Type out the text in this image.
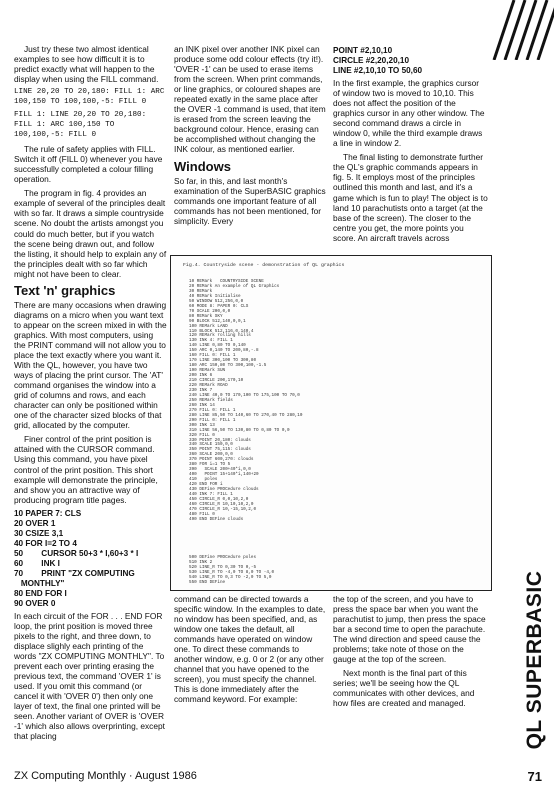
Just try these two almost identical examples to see how difficult it is to predict exactly what will happen to the display when using the FILL command.

LINE 20,20 TO 20,180: FILL 1: ARC 100,150 TO 100,100,-5: FILL 0

FILL 1: LINE 20,20 TO 20,180: FILL 1: ARC 100,150 TO 100,100,-5: FILL 0

The rule of safety applies with FILL. Switch it off (FILL 0) whenever you have successfully completed a colour filling operation.

The program in fig. 4 provides an example of several of the principles dealt with so far. It draws a simple countryside scene. No doubt the artists amongst you could do much better, but if you watch the scene being drawn out, and follow the listing, it should help to explain any of the principles dealt with so far which might not have been to clear.

Text 'n' graphics

There are many occasions when drawing diagrams on a micro when you want text to appear on the screen mixed in with the graphics. With most computers, using the PRINT command will not allow you to place the text exactly where you want it. With the QL, however, you have two ways of placing the print cursor. The 'AT' command organises the window into a grid of columns and rows, and each character can only be positioned within one of the character sized blocks of that grid, allocated by the computer.

Finer control of the print position is attained with the CURSOR command. Using this command, you have pixel control of the print position. This short example will demonstrate the principle, and show you an attractive way of producing program title pages.

10 PAPER 7: CLS
20 OVER 1
30 CSIZE 3,1
40 FOR I=2 TO 4
50        CURSOR 50+3 * I,60+3 * I
60        INK I
70        PRINT "ZX COMPUTING
MONTHLY"
80 END FOR I
90 OVER 0

In each circuit of the FOR . . . END FOR loop, the print position is moved three pixels to the right, and three down, to displace slighly each printing of the words "ZX COMPUTING MONTHLY". To prevent each over printing erasing the previous text, the command 'OVER 1' is used. If you omit this command (or cancel it with 'OVER 0') then only one layer of text, the final one printed will be seen. Another variant of OVER is 'OVER -1' which also allows overprinting, except that placing

an INK pixel over another INK pixel can produce some odd colour effects (try it!). 'OVER -1' can be used to erase items from the screen. When print commands, or line graphics, or coloured shapes are repeated exatly in the same place after the OVER -1 command is used, that item is erased from the screen leaving the background colour. Hence, erasing can be accomplished without changing the INK colour, as mentioned earlier.

Windows

So far, in this, and last month's examination of the SuperBASIC graphics commands one important feature of all commands has not been mentioned, for simplicity. Every

POINT #2,10,10
CIRCLE #2,20,20,10
LINE #2,10,10 TO 50,60

In the first example, the graphics cursor of window two is moved to 10,10. This does not affect the position of the graphics cursor in any other window. The second command draws a circle in window 0, while the third example draws a line in window 2.

The final listing to demonstrate further the QL's graphic commands appears in fig. 5. It employs most of the principles outlined this month and last, and it's a game which is fun to play! The object is to land 10 parachutists onto a target (at the base of the screen). The closer to the centre you get, the more points you score. An aircraft travels across

Fig.4. Countryside scene - demonstration of QL graphics
10 REMark   COUNTRYSIDE SCENE
20 REMark An example of QL Graphics
30 REMark
40 REMark Initialise
50 WINDOW 512,256,0,0
60 MODE 8: PAPER 0: CLS
70 SCALE 200,0,0
80 REMark SKY
90 BLOCK 512,140,0,0,1
100 REMark LAND
110 BLOCK 512,116,0,140,4
120 REMark rolling hills
130 INK 4: FILL 1
140 LINE 0,80 TO 0,140
150 ARC 0,140 TO 200,80,-.8
160 FILL 0: FILL 1
170 LINE 300,100 TO 300,80
180 ARC 150,80 TO 300,100,-1.5
190 REMark SUN
200 INK 6
210 CIRCLE 200,170,10
220 REMark ROAD
230 INK 7
240 LINE 40,0 TO 170,100 TO 175,100 TO 70,0
250 REMark fields
260 INK 14
270 FILL 0: FILL 1
280 LINE 85,50 TO 140,60 TO 270,40 TO 280,10
290 FILL 0: FILL 1
300 INK 13
310 LINE 56,50 TO 130,80 TO 0,80 TO 0,0
320 FILL 0
330 POINT 20,180: clouds
340 SCALE 150,0,0
350 POINT 75,115: clouds
360 SCALE 200,0,0
370 POINT 600,270: clouds
380 FOR i=1 TO 5
390   SCALE 200+40*i,0,0
400   POINT 15+140*i,140+20
410   poles
420 END FOR i
430 DEFine PROCedure clouds
440 INK 7: FILL 1
450 CIRCLE_R 0,0,10,2,0
460 CIRCLE_R 10,10,10,2,0
470 CIRCLE_R 10,-15,10,2,0
480 FILL 0
490 END DEFine clouds
500 DEFine PROCedure poles
510 INK 2
520 LINE_R TO 0,30 TO 0,-5
530 LINE_R TO -4,0 TO 8,0 TO -4,0
540 LINE_R TO 0,3 TO -2,0 TO 5,0
550 END DEFine

command can be directed towards a specific window. In the examples to date, no window has been specified, and, as window one takes the default, all commands have operated on window one. To direct these commands to another window, e.g. 0 or 2 (or any other channel that you have opened to the screen), you must specify the channel. This is done immediately after the command keyword. For example:

the top of the screen, and you have to press the space bar when you want the parachutist to jump, then press the space bar a second time to open the parachute. The wind direction and speed cause the problems; take note of those on the gauge at the top of the screen.

Next month is the final part of this series; we'll be seeing how the QL communicates with other devices, and how files are created and managed.	QL SUPERBASIC
ZX Computing Monthly · August 1986	71
